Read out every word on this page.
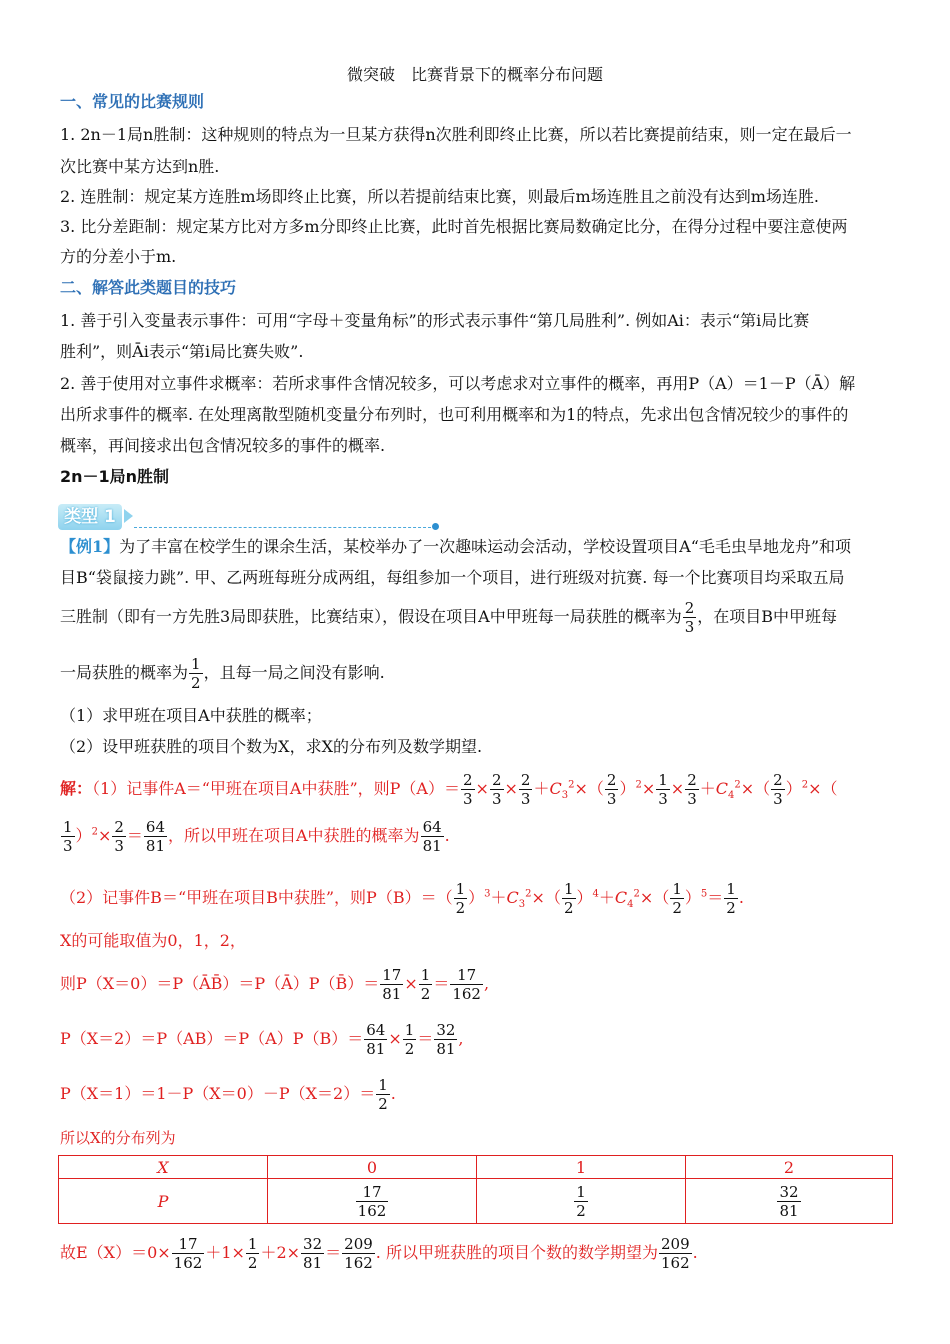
微突破　比赛背景下的概率分布问题
一、常见的比赛规则
1. 2n－1局n胜制：这种规则的特点为一旦某方获得n次胜利即终止比赛，所以若比赛提前结束，则一定在最后一
次比赛中某方达到n胜.
2. 连胜制：规定某方连胜m场即终止比赛，所以若提前结束比赛，则最后m场连胜且之前没有达到m场连胜.
3. 比分差距制：规定某方比对方多m分即终止比赛，此时首先根据比赛局数确定比分，在得分过程中要注意使两
方的分差小于m.
二、解答此类题目的技巧
1. 善于引入变量表示事件：可用“字母＋变量角标”的形式表示事件“第几局胜利”. 例如Ai：表示“第i局比赛
胜利”，则Āi表示“第i局比赛失败”.
2. 善于使用对立事件求概率：若所求事件含情况较多，可以考虑求对立事件的概率，再用P（A）＝1－P（Ā）解
出所求事件的概率. 在处理离散型随机变量分布列时，也可利用概率和为1的特点，先求出包含情况较少的事件的
概率，再间接求出包含情况较多的事件的概率.
2n－1局n胜制
类型 1
【例1】为了丰富在校学生的课余生活，某校举办了一次趣味运动会活动，学校设置项目A“毛毛虫旱地龙舟”和项
目B“袋鼠接力跳”. 甲、乙两班每班分成两组，每组参加一个项目，进行班级对抗赛. 每一个比赛项目均采取五局
三胜制（即有一方先胜3局即获胜，比赛结束），假设在项目A中甲班每一局获胜的概率为 $\frac{2}{3}$ ，在项目B中甲班每
一局获胜的概率为 $\frac{1}{2}$ ，且每一局之间没有影响.
（1）求甲班在项目A中获胜的概率；
（2）设甲班获胜的项目个数为X，求X的分布列及数学期望.
解：（1）记事件A＝“甲班在项目A中获胜”，则$P(A)= \frac{2}{3} \times \frac{2}{3} \times \frac{2}{3} +C_3^2\times( \frac{2}{3} )^2\times \frac{1}{3} \times \frac{2}{3} +C_4^2\times( \frac{2}{3} )^2\times$（
$\frac{1}{3} )^2\times \frac{2}{3} = \frac{64}{81}$ ，所以甲班在项目A中获胜的概率为 $\frac{64}{81}$ .
（2）记事件B＝“甲班在项目B中获胜”，则$P(B)=( \frac{1}{2} )^3+C_3^2\times( \frac{1}{2} )^4+C_4^2\times( \frac{1}{2} )^5= \frac{1}{2}$ .
X的可能取值为0，1，2，
则P（X＝0）＝P（ĀB̄）＝P（Ā）P（B̄）＝ $\frac{17}{81} \times \frac{1}{2} = \frac{17}{162}$ ,
$P(X=2)=P(AB)=P(A)P(B)= \frac{64}{81} \times \frac{1}{2} = \frac{32}{81}$ ,
$P(X=1)=1-P(X=0)-P(X=2)= \frac{1}{2}$ .
所以X的分布列为
X	0	1	2
P	$\frac{17}{162}$	$\frac{1}{2}$	$\frac{32}{81}$
故$E(X)=0\times \frac{17}{162} +1\times \frac{1}{2} +2\times \frac{32}{81} = \frac{209}{162}$ . 所以甲班获胜的项目个数的数学期望为 $\frac{209}{162}$ .
